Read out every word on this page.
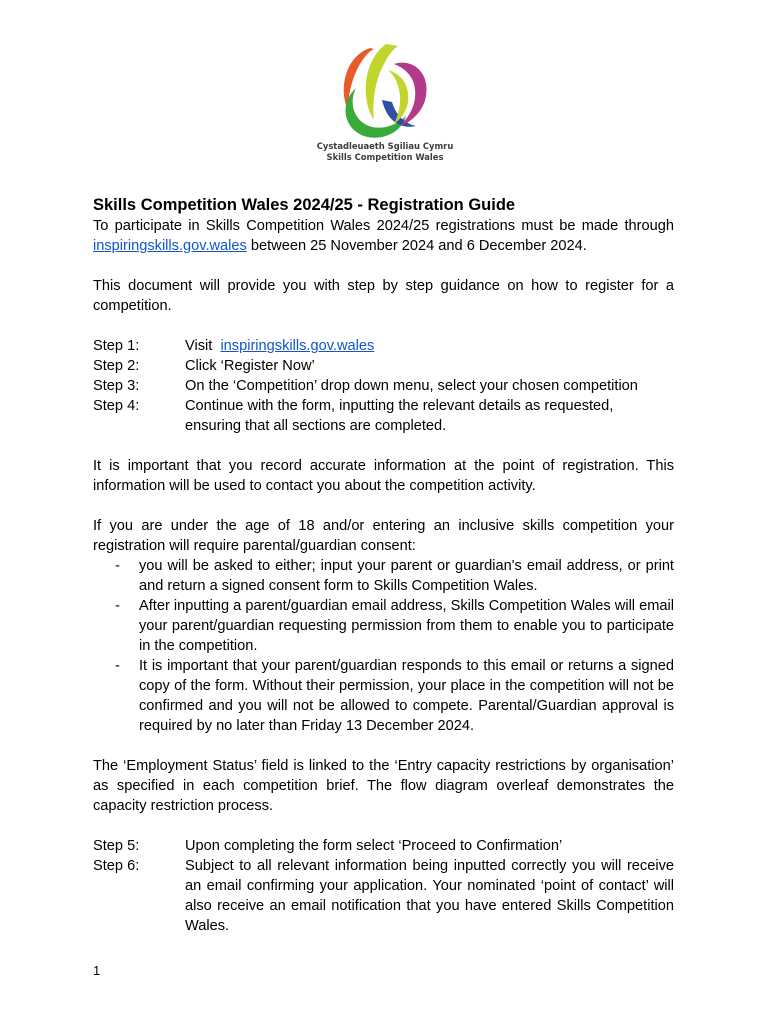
Cystadleuaeth Sgiliau Cymru
Skills Competition Wales
Skills Competition Wales 2024/25 - Registration Guide

To participate in Skills Competition Wales 2024/25 registrations must be made through inspiringskills.gov.wales between 25 November 2024 and 6 December 2024.

This document will provide you with step by step guidance on how to register for a competition.

Step 1:	Visit  inspiringskills.gov.wales
Step 2:	Click ‘Register Now’
Step 3:	On the ‘Competition’ drop down menu, select your chosen competition
Step 4:	Continue with the form, inputting the relevant details as requested, ensuring that all sections are completed.

It is important that you record accurate information at the point of registration. This information will be used to contact you about the competition activity.

If you are under the age of 18 and/or entering an inclusive skills competition your registration will require parental/guardian consent:

-	you will be asked to either; input your parent or guardian's email address, or print and return a signed consent form to Skills Competition Wales.
-	After inputting a parent/guardian email address, Skills Competition Wales will email your parent/guardian requesting permission from them to enable you to participate in the competition.
-	It is important that your parent/guardian responds to this email or returns a signed copy of the form. Without their permission, your place in the competition will not be confirmed and you will not be allowed to compete. Parental/Guardian approval is required by no later than Friday 13 December 2024.

The ‘Employment Status’ field is linked to the ‘Entry capacity restrictions by organisation’ as specified in each competition brief. The flow diagram overleaf demonstrates the capacity restriction process.

Step 5:	Upon completing the form select ‘Proceed to Confirmation’
Step 6:	Subject to all relevant information being inputted correctly you will receive an email confirming your application. Your nominated ‘point of contact’ will also receive an email notification that you have entered Skills Competition Wales.
1
